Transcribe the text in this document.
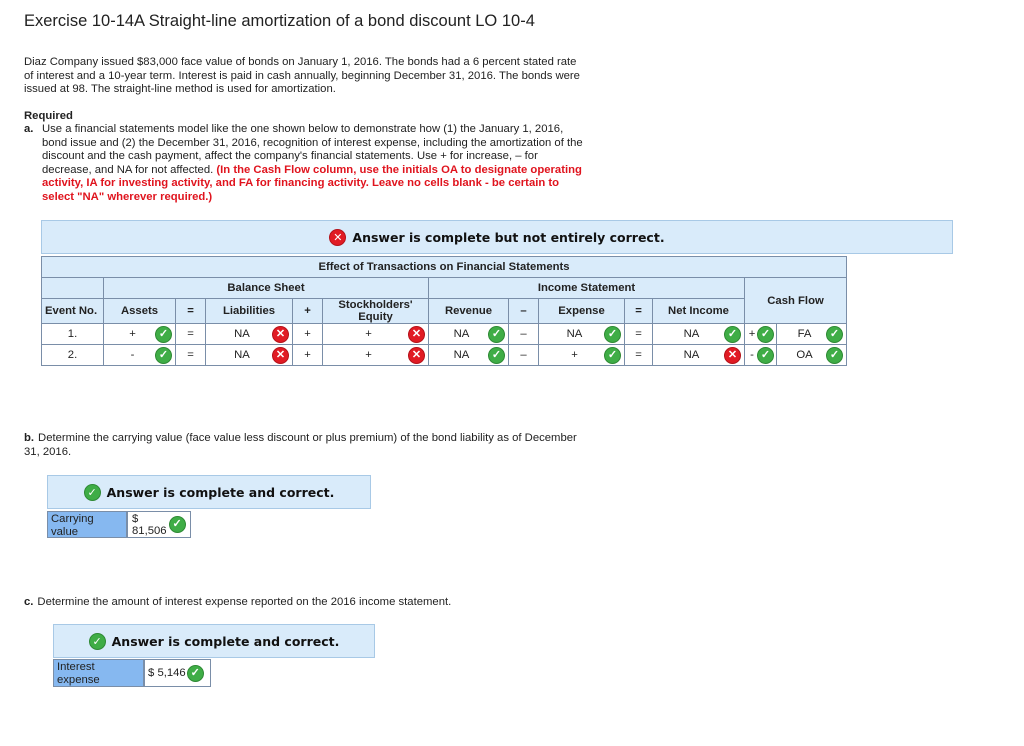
Exercise 10-14A Straight-line amortization of a bond discount LO 10-4
Diaz Company issued $83,000 face value of bonds on January 1, 2016. The bonds had a 6 percent stated rate of interest and a 10-year term. Interest is paid in cash annually, beginning December 31, 2016. The bonds were issued at 98. The straight-line method is used for amortization.
Required
a. Use a financial statements model like the one shown below to demonstrate how (1) the January 1, 2016, bond issue and (2) the December 31, 2016, recognition of interest expense, including the amortization of the discount and the cash payment, affect the company's financial statements. Use + for increase, – for decrease, and NA for not affected. (In the Cash Flow column, use the initials OA to designate operating activity, IA for investing activity, and FA for financing activity. Leave no cells blank - be certain to select "NA" wherever required.)
✕ Answer is complete but not entirely correct.
Effect of Transactions on Financial Statements												
	Balance Sheet					Income Statement					Cash Flow	
Event No.	Assets	=	Liabilities	+	Stockholders' Equity	Revenue	–	Expense	=	Net Income		
1.	+ ✓	=	NA ✕	+	+ ✕	NA ✓	–	NA ✓	=	NA ✓	+ ✓	FA ✓

2.	- ✓	=	NA ✕	+	+ ✕	NA ✓	–	+ ✓	=	NA ✕	- ✓	OA ✓
b. Determine the carrying value (face value less discount or plus premium) of the bond liability as of December 31, 2016.
✓ Answer is complete and correct.
Carrying value
$
81,506
✓
c. Determine the amount of interest expense reported on the 2016 income statement.
✓ Answer is complete and correct.
Interest expense
$
5,146 ✓
